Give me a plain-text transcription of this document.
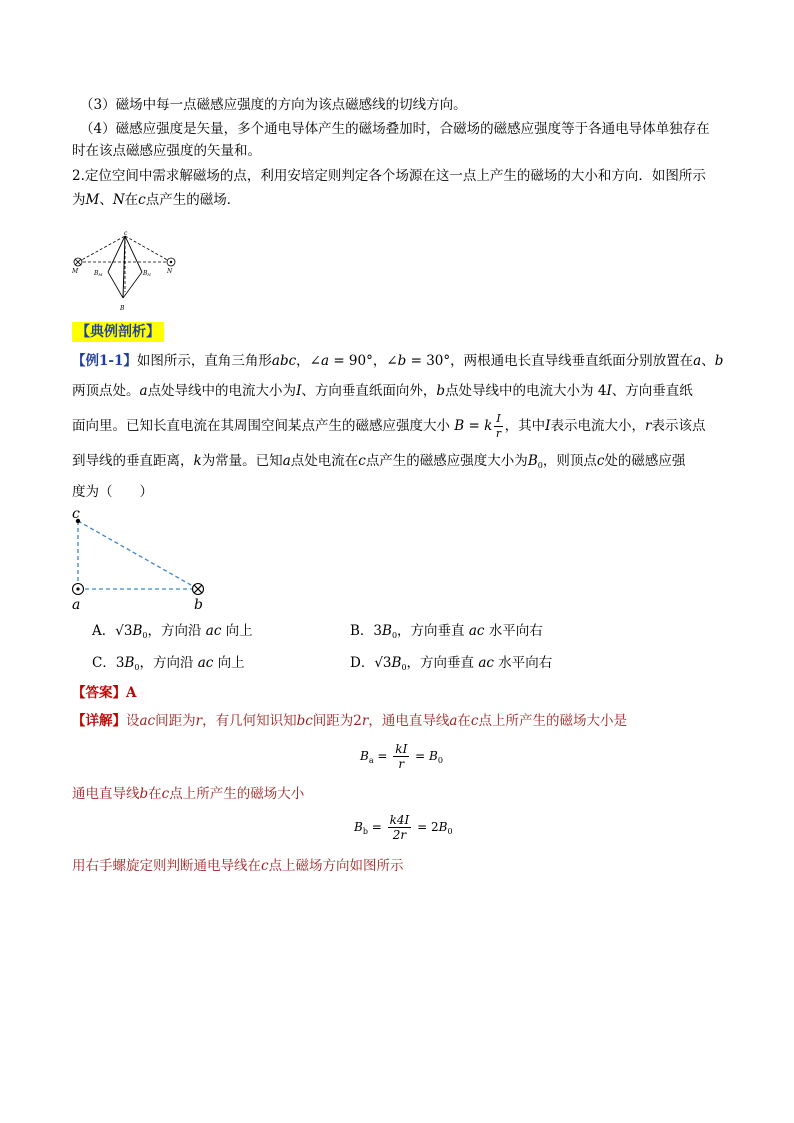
（3）磁场中每一点磁感应强度的方向为该点磁感线的切线方向。
（4）磁感应强度是矢量，多个通电导体产生的磁场叠加时，合磁场的磁感应强度等于各通电导体单独存在
时在该点磁感应强度的矢量和。
2.定位空间中需求解磁场的点，利用安培定则判定各个场源在这一点上产生的磁场的大小和方向．如图所示
为M、N在c点产生的磁场．
c
M	N
BM	BN
B
【典例剖析】
【例1-1】如图所示，直角三角形abc，∠a = 90°，∠b = 30°，两根通电长直导线垂直纸面分别放置在a、b
两顶点处。a点处导线中的电流大小为I、方向垂直纸面向外，b点处导线中的电流大小为 4I、方向垂直纸
面向里。已知长直电流在其周围空间某点产生的磁感应强度大小 B = k $\frac{I}{r}$ ，其中I表示电流大小，r表示该点
到导线的垂直距离，k为常量。已知a点处电流在c点产生的磁感应强度大小为$B_0$，则顶点c处的磁感应强
度为（　　）
c
a	b
A．$√3B_0$，方向沿 ac 向上	B．$3B_0$，方向垂直 ac 水平向右
C．$3B_0$，方向沿 ac 向上	D．$√3B_0$，方向垂直 ac 水平向右
【答案】A
【详解】设ac间距为r，有几何知识知bc间距为2r，通电直导线a在c点上所产生的磁场大小是
$B_a = \frac{kI}{r} = B_0$
通电直导线b在c点上所产生的磁场大小
$B_b = \frac{k4I}{2r} = 2B_0$
用右手螺旋定则判断通电导线在c点上磁场方向如图所示
